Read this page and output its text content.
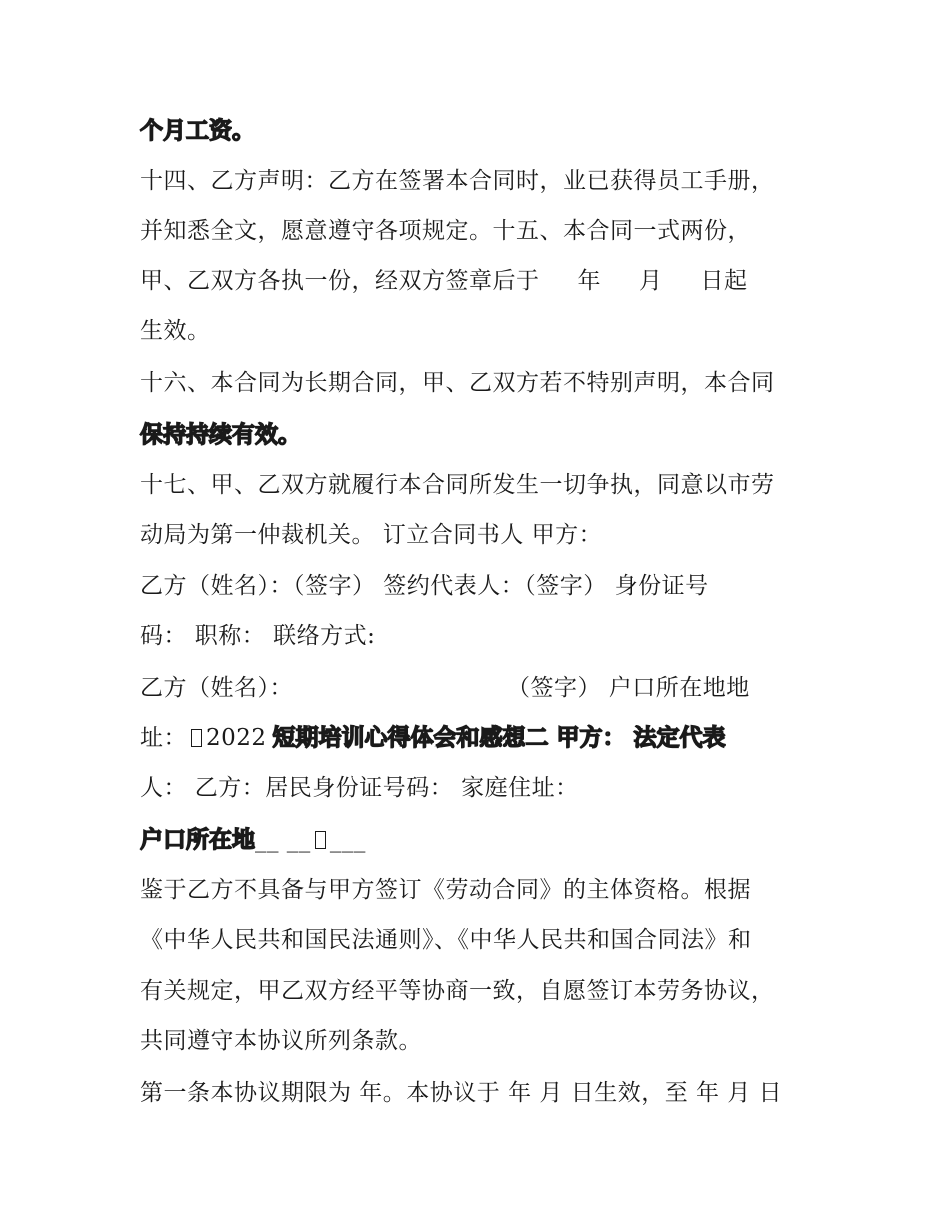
个月工资。
十四、乙方声明：乙方在签署本合同时，业已获得员工手册，
并知悉全文，愿意遵守各项规定。十五、本合同一式两份，
甲、乙双方各执一份，经双方签章后于 年 月 日起
生效。
十六、本合同为长期合同，甲、乙双方若不特别声明，本合同
保持持续有效。
十七、甲、乙双方就履行本合同所发生一切争执，同意以市劳
动局为第一仲裁机关。 订立合同书人 甲方：
乙方（姓名）：（签字） 签约代表人：（签字） 身份证号
码： 职称： 联络方式:
乙方（姓名）：	（签字） 户口所在地地
址： 2022 短期培训心得体会和感想二 甲方： 法定代表
人： 乙方：居民身份证号码： 家庭住址：
户口所在地__ __ ___
鉴于乙方不具备与甲方签订《劳动合同》的主体资格。根据
《中华人民共和国民法通则》、《中华人民共和国合同法》和
有关规定，甲乙双方经平等协商一致，自愿签订本劳务协议，
共同遵守本协议所列条款。
第一条本协议期限为 年。本协议于 年 月 日生效，至 年 月 日
